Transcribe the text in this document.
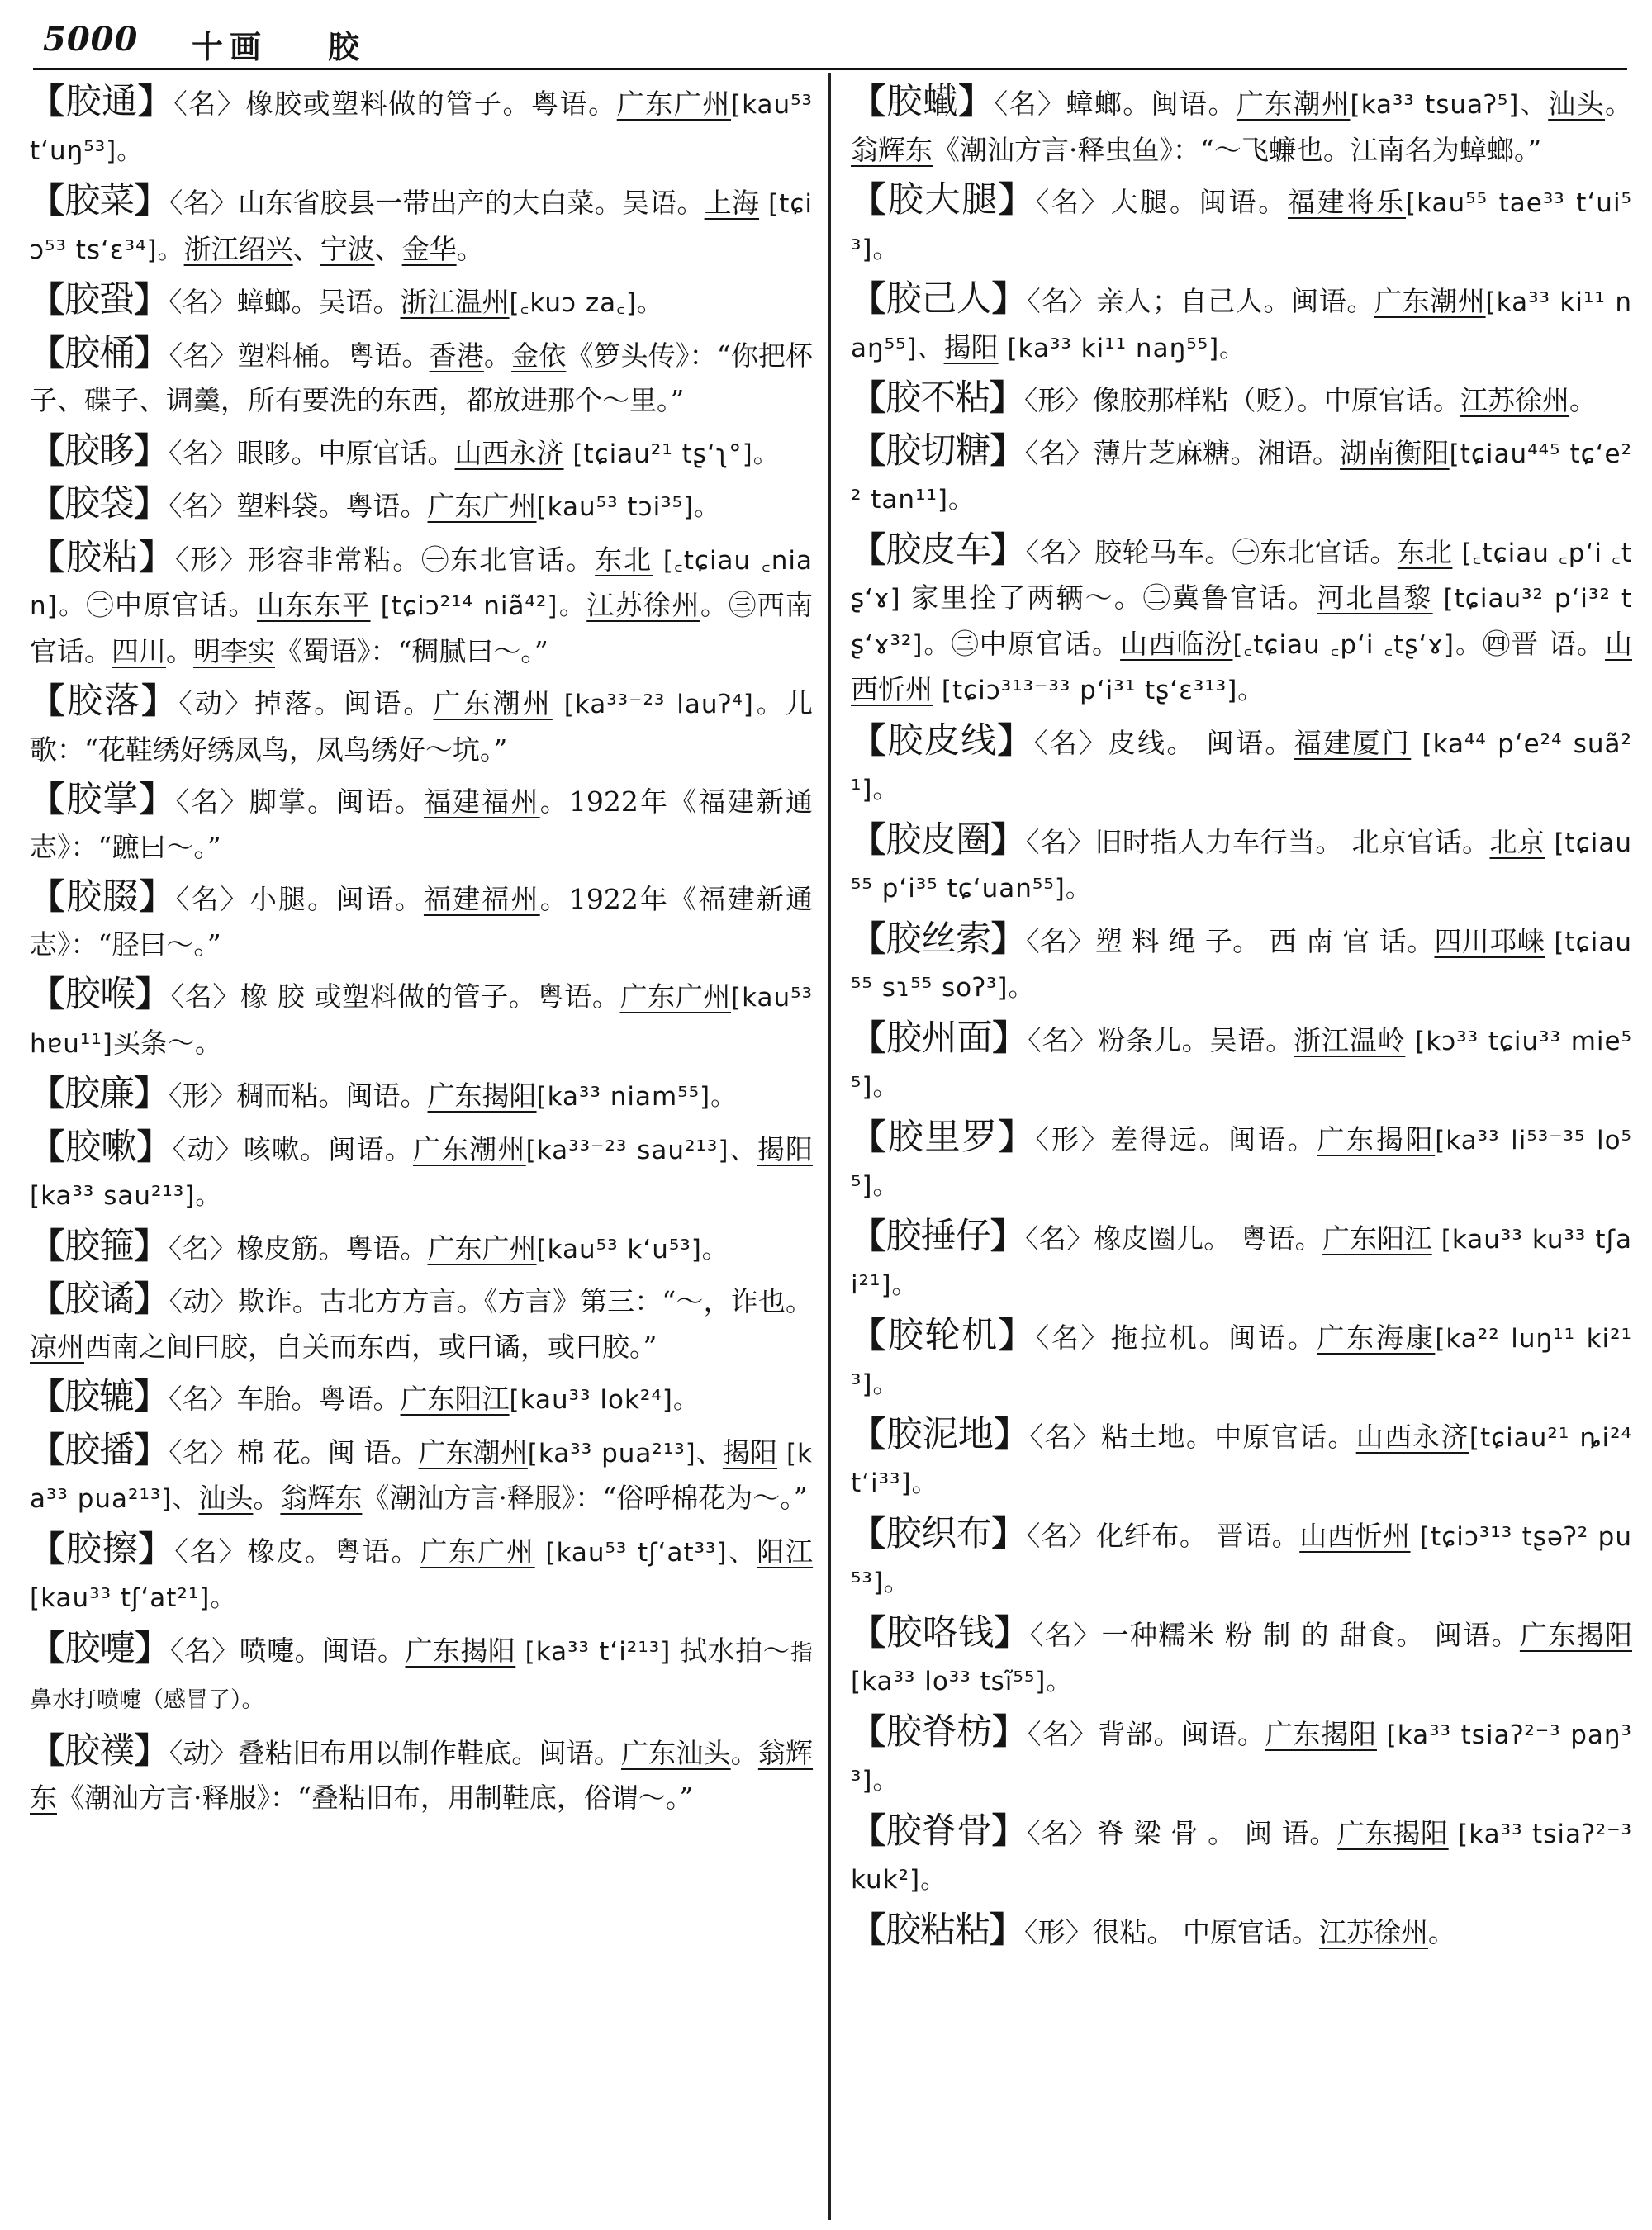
5000 十画 胶
【胶通】〈名〉橡胶或塑料做的管子。粤语。广东广州[kau⁵³ t‘uŋ⁵³]。
【胶菜】〈名〉山东省胶县一带出产的大白菜。吴语。上海 [tɕiɔ⁵³ ts‘ɛ³⁴]。浙江绍兴、宁波、金华。
【胶蛩】〈名〉蟑螂。吴语。浙江温州[꜀kuɔ za꜀]。
【胶桶】〈名〉塑料桶。粤语。香港。金依《箩头传》：“你把杯子、碟子、调羹，所有要洗的东西，都放进那个～里。”
【胶眵】〈名〉眼眵。中原官话。山西永济 [tɕiau²¹ tʂ‘ʅ°]。
【胶袋】〈名〉塑料袋。粤语。广东广州[kau⁵³ tɔi³⁵]。
【胶粘】〈形〉形容非常粘。㊀东北官话。东北 [꜀tɕiau ꜀nian]。㊁中原官话。山东东平 [tɕiɔ²¹⁴ niã⁴²]。江苏徐州。㊂西南官话。四川。明李实《蜀语》：“稠腻曰～。”
【胶落】〈动〉掉落。闽语。广东潮州 [ka³³⁻²³ lauʔ⁴]。儿歌：“花鞋绣好绣凤鸟，凤鸟绣好～坑。”
【胶掌】〈名〉脚掌。闽语。福建福州。1922年《福建新通志》：“蹠曰～。”
【胶腏】〈名〉小腿。闽语。福建福州。1922年《福建新通志》：“胫曰～。”
【胶喉】〈名〉橡 胶 或塑料做的管子。粤语。广东广州[kau⁵³ hɐu¹¹]买条～。
【胶廉】〈形〉稠而粘。闽语。广东揭阳[ka³³ niam⁵⁵]。
【胶嗽】〈动〉咳嗽。闽语。广东潮州[ka³³⁻²³ sau²¹³]、揭阳 [ka³³ sau²¹³]。
【胶箍】〈名〉橡皮筋。粤语。广东广州[kau⁵³ k‘u⁵³]。
【胶谲】〈动〉欺诈。古北方方言。《方言》第三：“～，诈也。凉州西南之间曰胶，自关而东西，或曰谲，或曰胶。”
【胶辘】〈名〉车胎。粤语。广东阳江[kau³³ lok²⁴]。
【胶播】〈名〉棉 花。闽 语。广东潮州[ka³³ pua²¹³]、揭阳 [ka³³ pua²¹³]、汕头。翁辉东《潮汕方言·释服》：“俗呼棉花为～。”
【胶擦】〈名〉橡皮。粤语。广东广州 [kau⁵³ tʃ‘at³³]、阳江 [kau³³ tʃ‘at²¹]。
【胶嚏】〈名〉喷嚏。闽语。广东揭阳 [ka³³ t‘i²¹³] 拭水拍～指鼻水打喷嚏（感冒了）。
【胶襆】〈动〉叠粘旧布用以制作鞋底。闽语。广东汕头。翁辉东《潮汕方言·释服》：“叠粘旧布，用制鞋底，俗谓～。”
【胶蠘】〈名〉蟑螂。闽语。广东潮州[ka³³ tsuaʔ⁵]、汕头。翁辉东《潮汕方言·释虫鱼》：“～飞蠊也。江南名为蟑螂。”
【胶大腿】〈名〉大腿。闽语。福建将乐[kau⁵⁵ tae³³ t‘ui⁵³]。
【胶己人】〈名〉亲人；自己人。闽语。广东潮州[ka³³ ki¹¹ naŋ⁵⁵]、揭阳 [ka³³ ki¹¹ naŋ⁵⁵]。
【胶不粘】〈形〉像胶那样粘（贬）。中原官话。江苏徐州。
【胶切糖】〈名〉薄片芝麻糖。湘语。湖南衡阳[tɕiau⁴⁴⁵ tɕ‘e²² tan¹¹]。
【胶皮车】〈名〉胶轮马车。㊀东北官话。东北 [꜀tɕiau ꜀p‘i ꜀tʂ‘ɤ] 家里拴了两辆～。㊁冀鲁官话。河北昌黎 [tɕiau³² p‘i³² tʂ‘ɤ³²]。㊂中原官话。山西临汾[꜀tɕiau ꜀p‘i ꜀tʂ‘ɤ]。㊃晋 语。山西忻州 [tɕiɔ³¹³⁻³³ p‘i³¹ tʂ‘ɛ³¹³]。
【胶皮线】〈名〉皮线。 闽语。福建厦门 [ka⁴⁴ p‘e²⁴ suã²¹]。
【胶皮圈】〈名〉旧时指人力车行当。 北京官话。北京 [tɕiau⁵⁵ p‘i³⁵ tɕ‘uan⁵⁵]。
【胶丝索】〈名〉塑 料 绳 子。 西 南 官 话。四川邛崃 [tɕiau⁵⁵ sɿ⁵⁵ soʔ³]。
【胶州面】〈名〉粉条儿。吴语。浙江温岭 [kɔ³³ tɕiu³³ mie⁵⁵]。
【胶里罗】〈形〉差得远。闽语。广东揭阳[ka³³ li⁵³⁻³⁵ lo⁵⁵]。
【胶捶仔】〈名〉橡皮圈儿。 粤语。广东阳江 [kau³³ ku³³ tʃai²¹]。
【胶轮机】〈名〉拖拉机。闽语。广东海康[ka²² luŋ¹¹ ki²¹³]。
【胶泥地】〈名〉粘土地。中原官话。山西永济[tɕiau²¹ ȵi²⁴ t‘i³³]。
【胶织布】〈名〉化纤布。 晋语。山西忻州 [tɕiɔ³¹³ tʂəʔ² pu⁵³]。
【胶咯钱】〈名〉一种糯米 粉 制 的 甜食。 闽语。广东揭阳 [ka³³ lo³³ tsĩ⁵⁵]。
【胶脊枋】〈名〉背部。闽语。广东揭阳 [ka³³ tsiaʔ²⁻³ paŋ³³]。
【胶脊骨】〈名〉脊 梁 骨 。 闽 语。广东揭阳 [ka³³ tsiaʔ²⁻³ kuk²]。
【胶粘粘】〈形〉很粘。 中原官话。江苏徐州。
